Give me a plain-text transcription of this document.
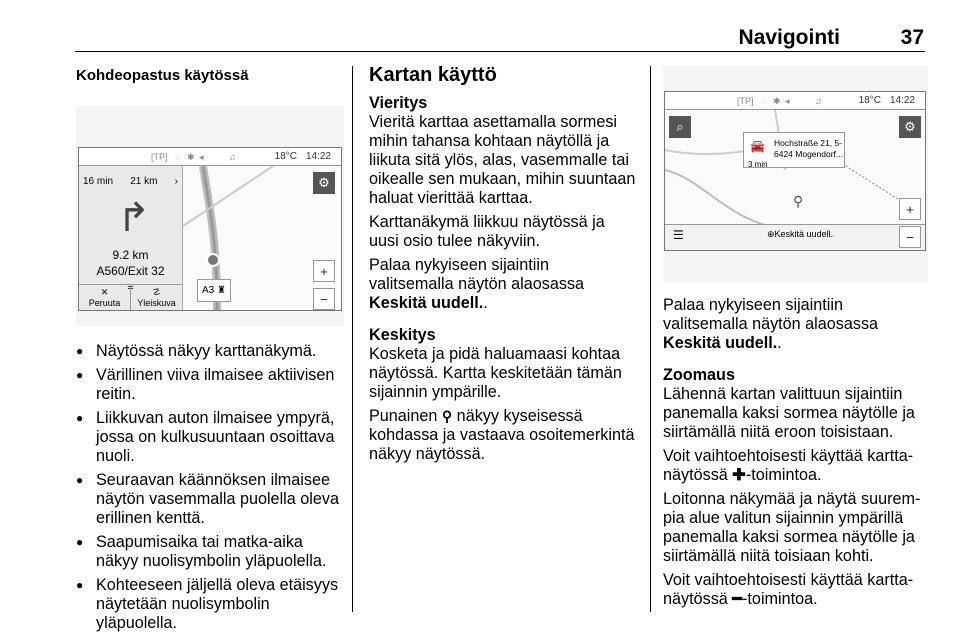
Navigointi	37
Kohdeopastus käytössä
[TP] ◌ ✱ ◂	♫	18°C 14:22
16 min 21 km ›
↱
9.2 km
A560/Exit 32
≡
✕
Peruuta
☡
Yleiskuva
⚙
+
−
A3 ♜
● Näytössä näkyy karttanäkymä.
● Värillinen viiva ilmaisee aktiivisen reitin.
● Liikkuvan auton ilmaisee ympyrä, jossa on kulkusuuntaan osoittava nuoli.
● Seuraavan käännöksen ilmaisee näytön vasemmalla puolella oleva erillinen kenttä.
● Saapumisaika tai matka-aika näkyy nuolisymbolin yläpuolella.
● Kohteeseen jäljellä oleva etäisyys näytetään nuolisymbolin yläpuolella.
Kartan käyttö
Vieritys

Vieritä karttaa asettamalla sormesi mihin tahansa kohtaan näytöllä ja liikuta sitä ylös, alas, vasemmalle tai oikealle sen mukaan, mihin suuntaan haluat vierittää karttaa.

Karttanäkymä liikkuu näytössä ja uusi osio tulee näkyviin.

Palaa nykyiseen sijaintiin valitsemalla näytön alaosassa Keskitä uudell..

Keskitys

Kosketa ja pidä haluamaasi kohtaa näytössä. Kartta keskitetään tämän sijainnin ympärille.

Punainen ⚲ näkyy kyseisessä kohdassa ja vastaava osoitemerkintä näkyy näytössä.

[TP] ◌ ✱ ◂	♫	18°C 14:22
⌕	⚙
🚘
3 min
Hochstraße 21, 5-
6424 Mogendorf...
⚲
+
☰	⊕Keskitä uudell.	−

Palaa nykyiseen sijaintiin valitsemalla näytön alaosassa Keskitä uudell..

Zoomaus

Lähennä kartan valittuun sijaintiin panemalla kaksi sormea näytölle ja siirtämällä niitä eroon toisistaan.

Voit vaihtoehtoisesti käyttää karttanäytössä ✚-toimintoa.

Loitonna näkymää ja näytä suurempia alue valitun sijainnin ympärillä panemalla kaksi sormea näytölle ja siirtämällä niitä toisiaan kohti.

Voit vaihtoehtoisesti käyttää karttanäytössä ━-toimintoa.
